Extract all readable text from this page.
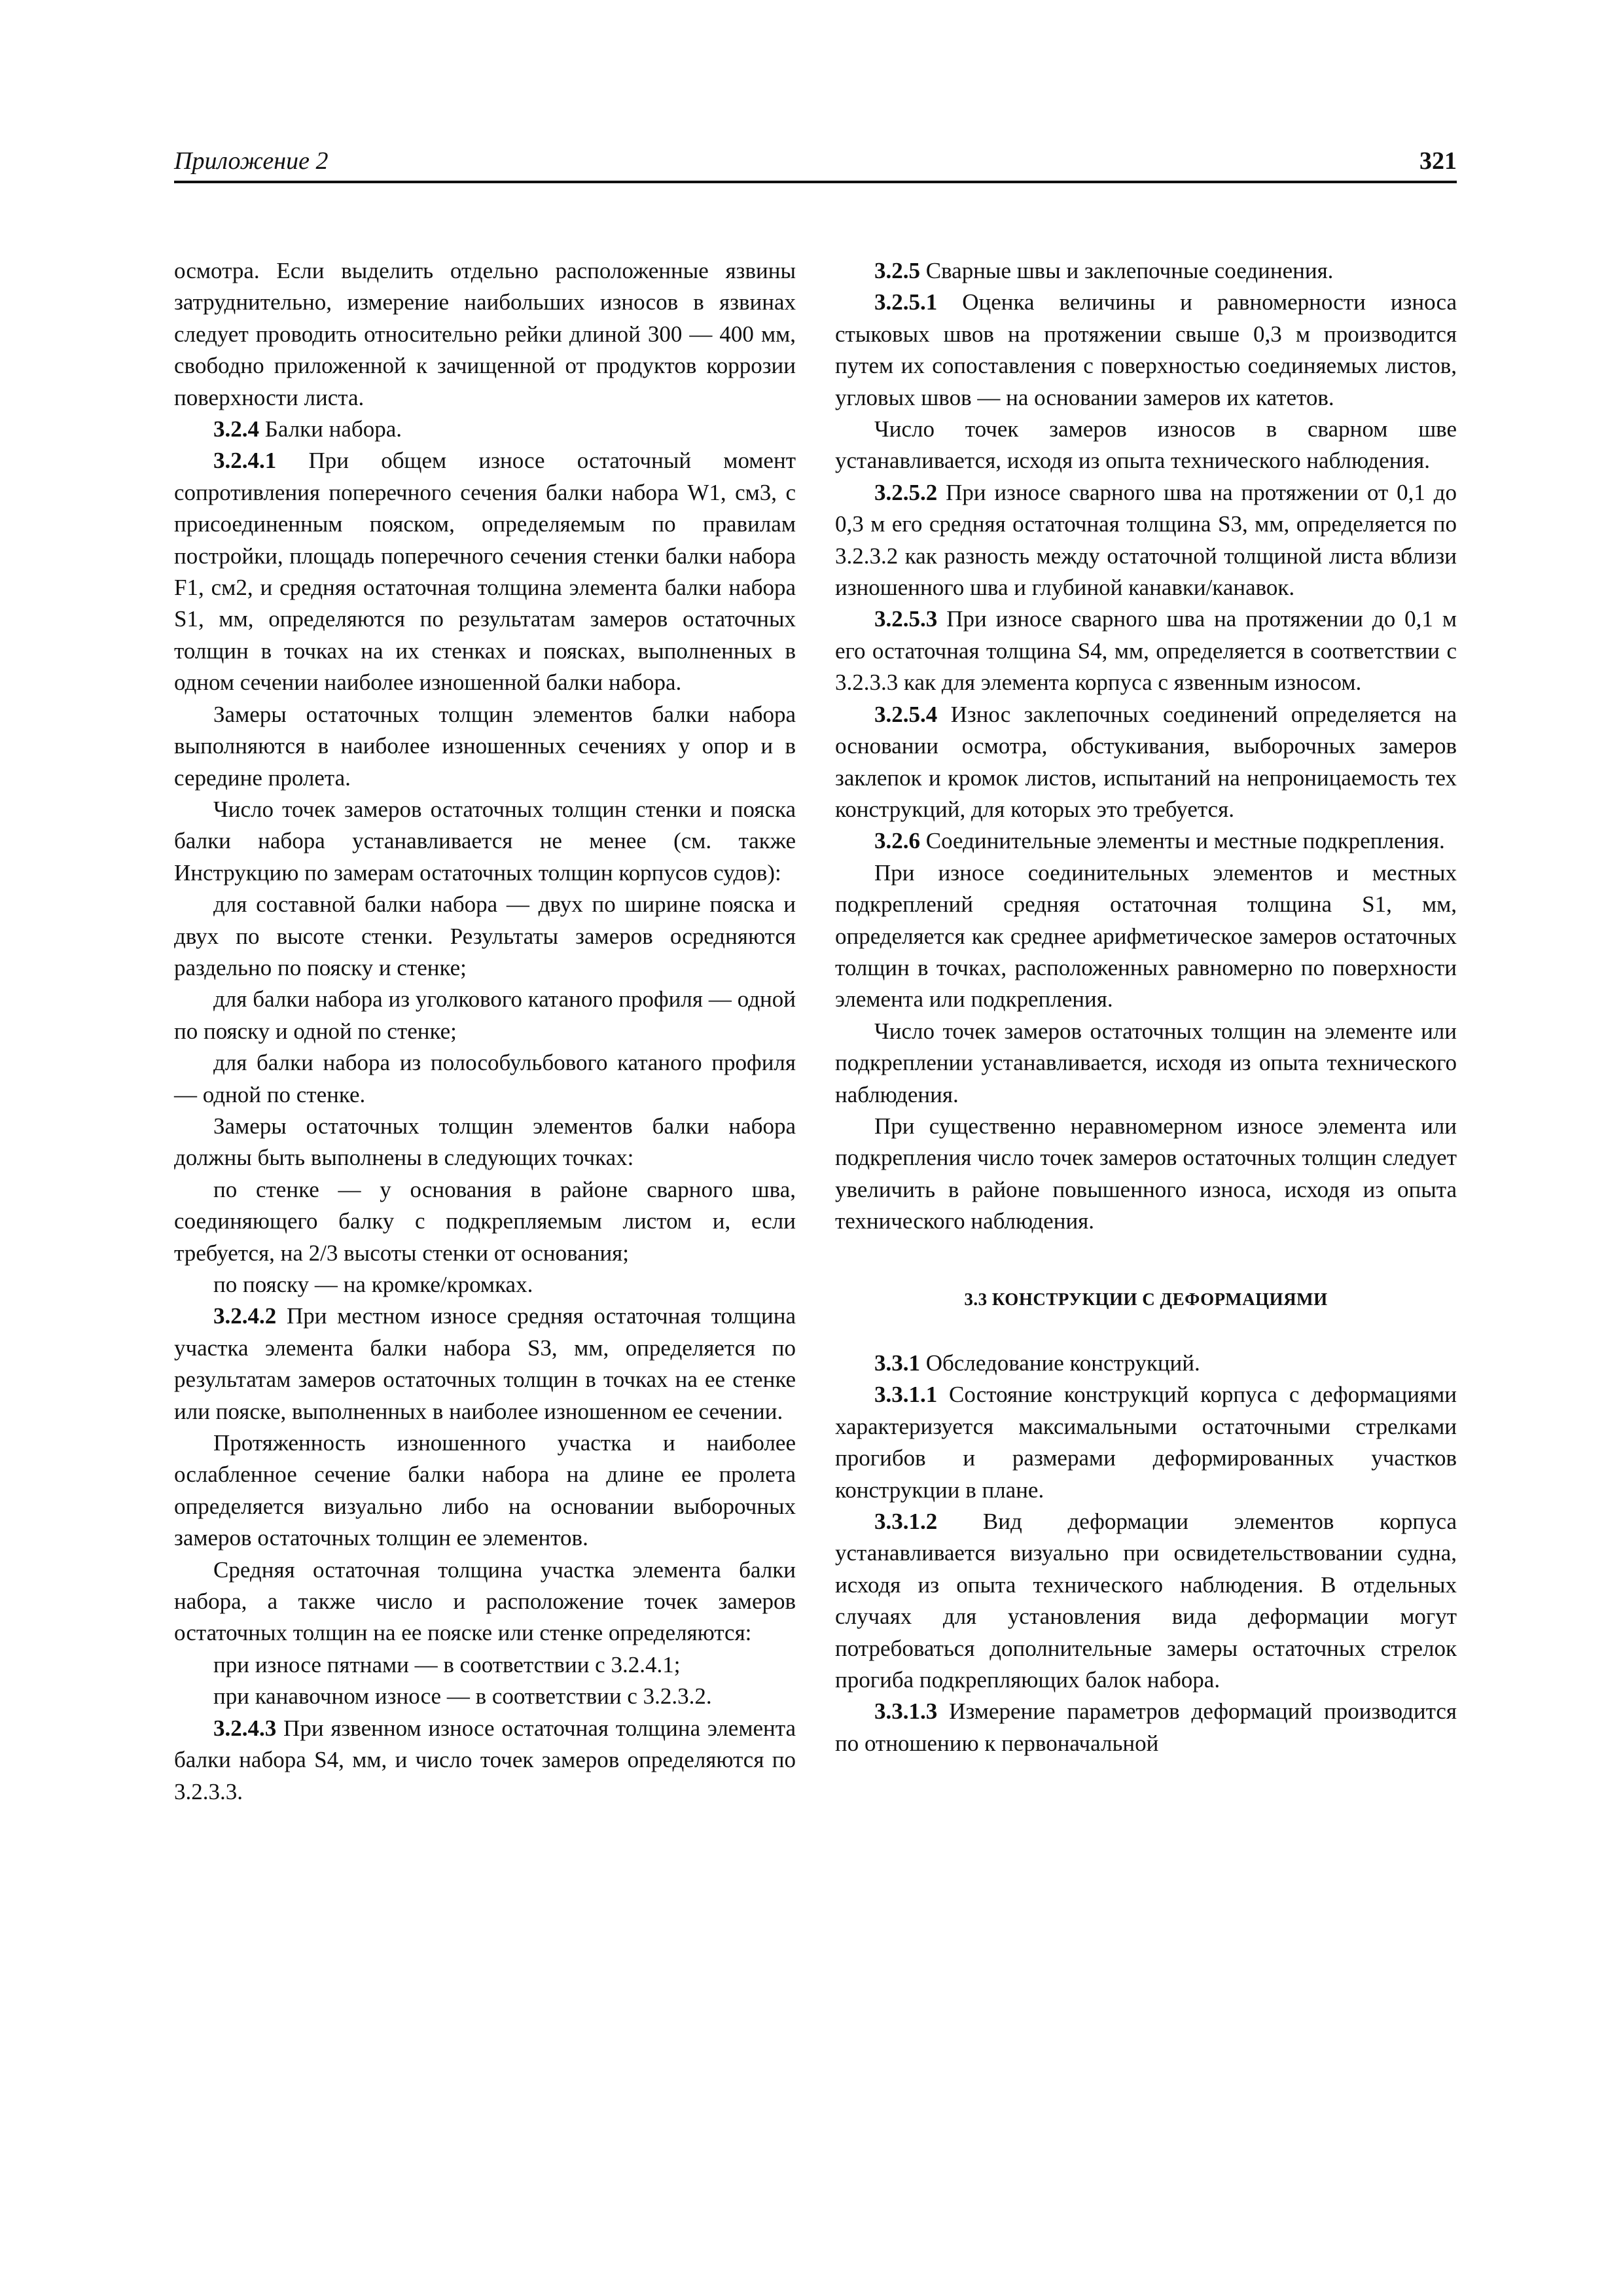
Приложение 2	321

осмотра. Если выделить отдельно расположенные язвины затруднительно, измерение наибольших износов в язвинах следует проводить относительно рейки длиной 300 — 400 мм, свободно приложенной к зачищенной от продуктов коррозии поверхности листа.

3.2.4 Балки набора.

3.2.4.1 При общем износе остаточный момент сопротивления поперечного сечения балки набора W1, см3, с присоединенным пояском, определяемым по правилам постройки, площадь поперечного сечения стенки балки набора F1, см2, и средняя остаточная толщина элемента балки набора S1, мм, определяются по результатам замеров остаточных толщин в точках на их стенках и поясках, выполненных в одном сечении наиболее изношенной балки набора.

Замеры остаточных толщин элементов балки набора выполняются в наиболее изношенных сечениях у опор и в середине пролета.

Число точек замеров остаточных толщин стенки и пояска балки набора устанавливается не менее (см. также Инструкцию по замерам остаточных толщин корпусов судов):

для составной балки набора — двух по ширине пояска и двух по высоте стенки. Результаты замеров осредняются раздельно по пояску и стенке;

для балки набора из уголкового катаного профиля — одной по пояску и одной по стенке;

для балки набора из полособульбового катаного профиля — одной по стенке.

Замеры остаточных толщин элементов балки набора должны быть выполнены в следующих точках:

по стенке — у основания в районе сварного шва, соединяющего балку с подкрепляемым листом и, если требуется, на 2/3 высоты стенки от основания;

по пояску — на кромке/кромках.

3.2.4.2 При местном износе средняя остаточная толщина участка элемента балки набора S3, мм, определяется по результатам замеров остаточных толщин в точках на ее стенке или пояске, выполненных в наиболее изношенном ее сечении.

Протяженность изношенного участка и наиболее ослабленное сечение балки набора на длине ее пролета определяется визуально либо на основании выборочных замеров остаточных толщин ее элементов.

Средняя остаточная толщина участка элемента балки набора, а также число и расположение точек замеров остаточных толщин на ее пояске или стенке определяются:

при износе пятнами — в соответствии с 3.2.4.1;

при канавочном износе — в соответствии с 3.2.3.2.

3.2.4.3 При язвенном износе остаточная толщина элемента балки набора S4, мм, и число точек замеров определяются по 3.2.3.3.

3.2.5 Сварные швы и заклепочные соединения.

3.2.5.1 Оценка величины и равномерности износа стыковых швов на протяжении свыше 0,3 м производится путем их сопоставления с поверхностью соединяемых листов, угловых швов — на основании замеров их катетов.

Число точек замеров износов в сварном шве устанавливается, исходя из опыта технического наблюдения.

3.2.5.2 При износе сварного шва на протяжении от 0,1 до 0,3 м его средняя остаточная толщина S3, мм, определяется по 3.2.3.2 как разность между остаточной толщиной листа вблизи изношенного шва и глубиной канавки/канавок.

3.2.5.3 При износе сварного шва на протяжении до 0,1 м его остаточная толщина S4, мм, определяется в соответствии с 3.2.3.3 как для элемента корпуса с язвенным износом.

3.2.5.4 Износ заклепочных соединений определяется на основании осмотра, обстукивания, выборочных замеров заклепок и кромок листов, испытаний на непроницаемость тех конструкций, для которых это требуется.

3.2.6 Соединительные элементы и местные подкрепления.

При износе соединительных элементов и местных подкреплений средняя остаточная толщина S1, мм, определяется как среднее арифметическое замеров остаточных толщин в точках, расположенных равномерно по поверхности элемента или подкрепления.

Число точек замеров остаточных толщин на элементе или подкреплении устанавливается, исходя из опыта технического наблюдения.

При существенно неравномерном износе элемента или подкрепления число точек замеров остаточных толщин следует увеличить в районе повышенного износа, исходя из опыта технического наблюдения.

3.3 КОНСТРУКЦИИ С ДЕФОРМАЦИЯМИ

3.3.1 Обследование конструкций.

3.3.1.1 Состояние конструкций корпуса с деформациями характеризуется максимальными остаточными стрелками прогибов и размерами деформированных участков конструкции в плане.

3.3.1.2 Вид деформации элементов корпуса устанавливается визуально при освидетельствовании судна, исходя из опыта технического наблюдения. В отдельных случаях для установления вида деформации могут потребоваться дополнительные замеры остаточных стрелок прогиба подкрепляющих балок набора.

3.3.1.3 Измерение параметров деформаций производится по отношению к первоначальной
